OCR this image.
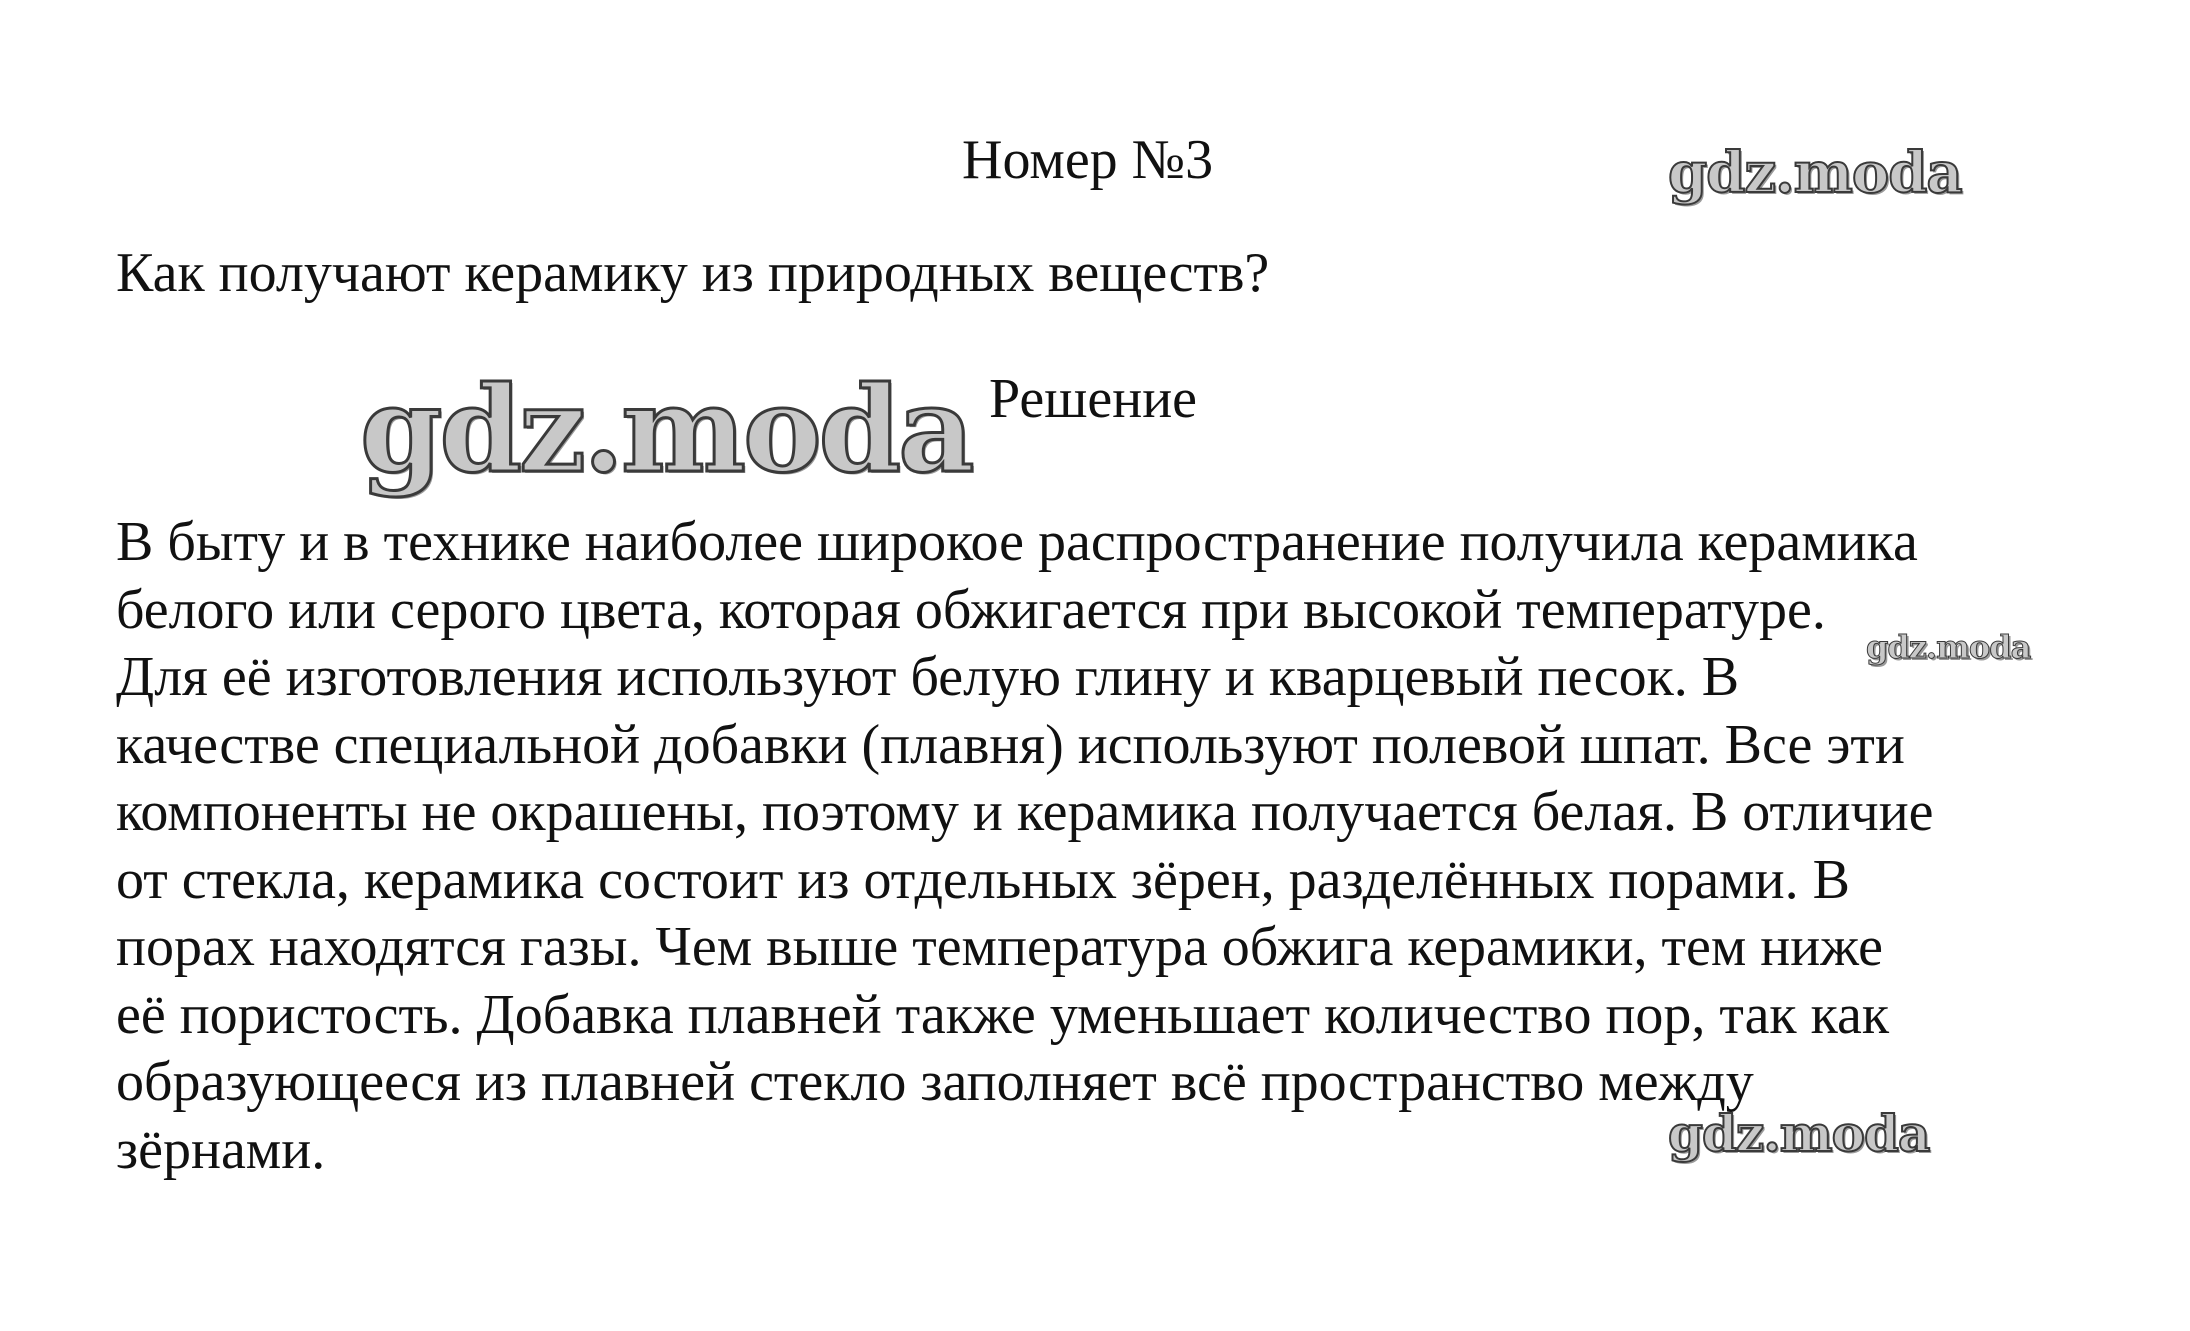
gdz.moda
gdz.moda
gdz.moda
gdz.moda
Номер №3
Как получают керамику из природных веществ?
Решение
В быту и в технике наиболее широкое распространение получила керамика
белого или серого цвета, которая обжигается при высокой температуре.
Для её изготовления используют белую глину и кварцевый песок. В
качестве специальной добавки (плавня) используют полевой шпат. Все эти
компоненты не окрашены, поэтому и керамика получается белая. В отличие
от стекла, керамика состоит из отдельных зёрен, разделённых порами. В
порах находятся газы. Чем выше температура обжига керамики, тем ниже
её пористость. Добавка плавней также уменьшает количество пор, так как
образующееся из плавней стекло заполняет всё пространство между
зёрнами.
